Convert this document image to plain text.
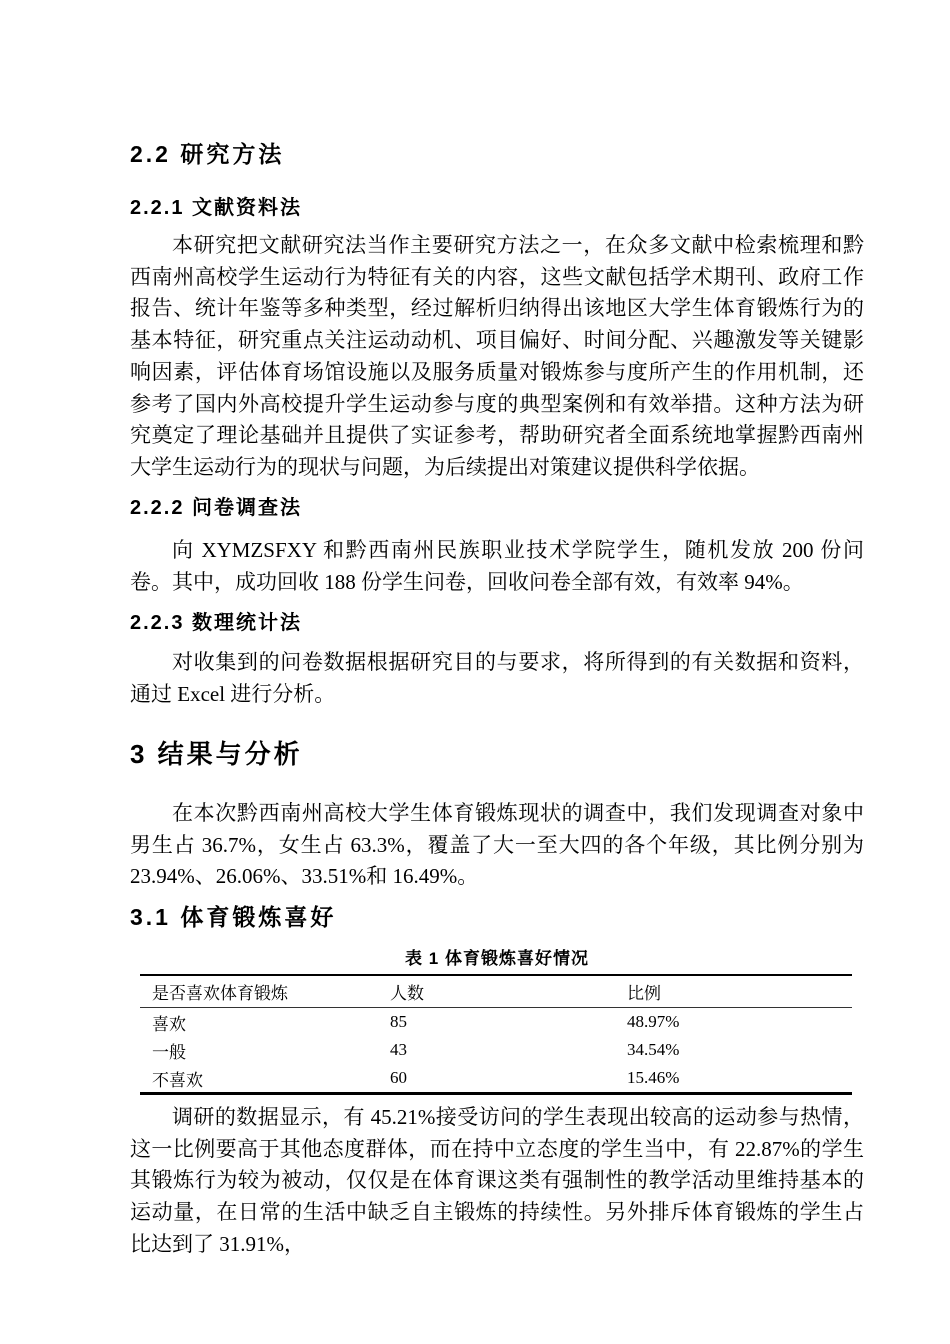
2.2 研究方法
2.2.1 文献资料法
本研究把文献研究法当作主要研究方法之一，在众多文献中检索梳理和黔西南州高校学生运动行为特征有关的内容，这些文献包括学术期刊、政府工作报告、统计年鉴等多种类型，经过解析归纳得出该地区大学生体育锻炼行为的基本特征，研究重点关注运动动机、项目偏好、时间分配、兴趣激发等关键影响因素，评估体育场馆设施以及服务质量对锻炼参与度所产生的作用机制，还参考了国内外高校提升学生运动参与度的典型案例和有效举措。这种方法为研究奠定了理论基础并且提供了实证参考，帮助研究者全面系统地掌握黔西南州大学生运动行为的现状与问题，为后续提出对策建议提供科学依据。
2.2.2 问卷调查法
向 XYMZSFXY 和黔西南州民族职业技术学院学生，随机发放 200 份问卷。其中，成功回收 188 份学生问卷，回收问卷全部有效，有效率 94%。
2.2.3 数理统计法
对收集到的问卷数据根据研究目的与要求，将所得到的有关数据和资料，通过 Excel 进行分析。
3 结果与分析
在本次黔西南州高校大学生体育锻炼现状的调查中，我们发现调查对象中男生占 36.7%，女生占 63.3%，覆盖了大一至大四的各个年级，其比例分别为 23.94%、26.06%、33.51%和 16.49%。
3.1 体育锻炼喜好
表 1 体育锻炼喜好情况
是否喜欢体育锻炼	人数	比例
喜欢	85	48.97%
一般	43	34.54%
不喜欢	60	15.46%
调研的数据显示，有 45.21%接受访问的学生表现出较高的运动参与热情，这一比例要高于其他态度群体，而在持中立态度的学生当中，有 22.87%的学生其锻炼行为较为被动，仅仅是在体育课这类有强制性的教学活动里维持基本的运动量，在日常的生活中缺乏自主锻炼的持续性。另外排斥体育锻炼的学生占比达到了 31.91%，
